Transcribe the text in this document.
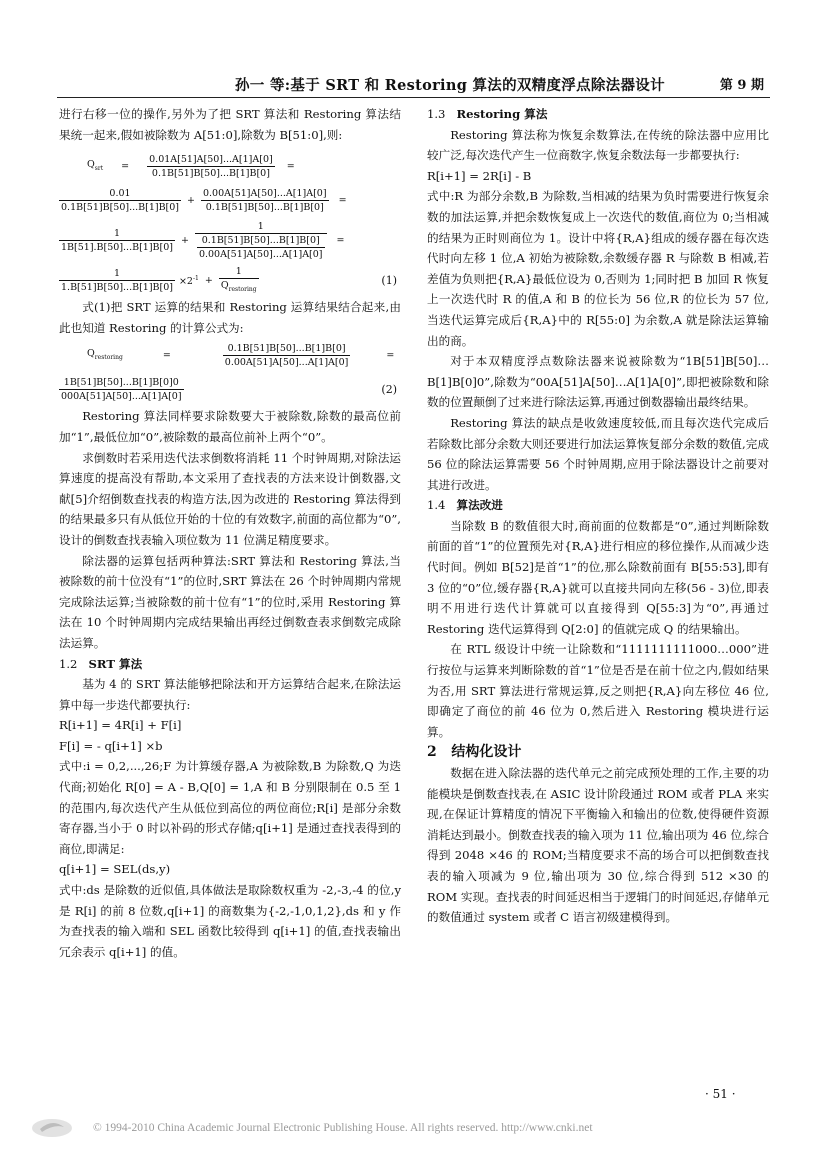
孙一 等:基于 SRT 和 Restoring 算法的双精度浮点除法器设计	第 9 期

进行右移一位的操作,另外为了把 SRT 算法和 Restoring 算法结果统一起来,假如被除数为 A[51:0],除数为 B[51:0],则:

$Q_{srt} = \frac{0.01A[51]A[50]...A[1]A[0]}{0.1B[51]B[50]...B[1]B[0]}$ =
$\frac{0.01}{0.1B[51]B[50]...B[1]B[0]} + \frac{0.00A[51]A[50]...A[1]A[0]}{0.1B[51]B[50]...B[1]B[0]}$ =
$\frac{1}{1B[51].B[50]...B[1]B[0]} + \frac{1}{\frac{0.1B[51]B[50]...B[1]B[0]}{0.00A[51]A[50]...A[1]A[0]}}$ =
$\frac{1}{1.B[51]B[50]...B[1]B[0]} \times 2^{-1} + \frac{1}{Q_{restoring}}$	(1)

式(1)把 SRT 运算的结果和 Restoring 运算结果结合起来,由此也知道 Restoring 的计算公式为:

$Q_{restoring}$	=	$\frac{0.1B[51]B[50]...B[1]B[0]}{0.00A[51]A[50]...A[1]A[0]}$	=
$\frac{1B[51]B[50]...B[1]B[0]0}{000A[51]A[50]...A[1]A[0]}$	(2)

Restoring 算法同样要求除数要大于被除数,除数的最高位前加“1”,最低位加“0”,被除数的最高位前补上两个“0”。

求倒数时若采用迭代法求倒数将消耗 11 个时钟周期,对除法运算速度的提高没有帮助,本文采用了查找表的方法来设计倒数器,文献[5]介绍倒数查找表的构造方法,因为改进的 Restoring 算法得到的结果最多只有从低位开始的十位的有效数字,前面的高位都为“0”,设计的倒数查找表输入项位数为 11 位满足精度要求。

除法器的运算包括两种算法:SRT 算法和 Restoring 算法,当被除数的前十位没有“1”的位时,SRT 算法在 26 个时钟周期内常规完成除法运算;当被除数的前十位有“1”的位时,采用 Restoring 算法在 10 个时钟周期内完成结果输出再经过倒数查表求倒数完成除法运算。

1.2 SRT 算法

基为 4 的 SRT 算法能够把除法和开方运算结合起来,在除法运算中每一步迭代都要执行:

R[i+1] = 4R[i] + F[i]

F[i] = - q[i+1] ×b

式中:i = 0,2,...,26;F 为计算缓存器,A 为被除数,B 为除数,Q 为迭代商;初始化 R[0] = A - B,Q[0] = 1,A 和 B 分别限制在 0.5 至 1 的范围内,每次迭代产生从低位到高位的两位商位;R[i] 是部分余数寄存器,当小于 0 时以补码的形式存储;q[i+1] 是通过查找表得到的商位,即满足:

q[i+1] = SEL(ds,y)

式中:ds 是除数的近似值,具体做法是取除数权重为 -2,-3,-4 的位,y 是 R[i] 的前 8 位数,q[i+1] 的商数集为{-2,-1,0,1,2},ds 和 y 作为查找表的输入端和 SEL 函数比较得到 q[i+1] 的值,查找表输出冗余表示 q[i+1] 的值。

1.3 Restoring 算法

Restoring 算法称为恢复余数算法,在传统的除法器中应用比较广泛,每次迭代产生一位商数字,恢复余数法每一步都要执行:

R[i+1] = 2R[i] - B

式中:R 为部分余数,B 为除数,当相减的结果为负时需要进行恢复余数的加法运算,并把余数恢复成上一次迭代的数值,商位为 0;当相减的结果为正时则商位为 1。设计中将{R,A}组成的缓存器在每次迭代时向左移 1 位,A 初始为被除数,余数缓存器 R 与除数 B 相减,若差值为负则把{R,A}最低位设为 0,否则为 1;同时把 B 加回 R 恢复上一次迭代时 R 的值,A 和 B 的位长为 56 位,R 的位长为 57 位,当迭代运算完成后{R,A}中的 R[55:0] 为余数,A 就是除法运算输出的商。

对于本双精度浮点数除法器来说被除数为“1B[51]B[50]…B[1]B[0]0”,除数为“00A[51]A[50]…A[1]A[0]”,即把被除数和除数的位置颠倒了过来进行除法运算,再通过倒数器输出最终结果。

Restoring 算法的缺点是收敛速度较低,而且每次迭代完成后若除数比部分余数大则还要进行加法运算恢复部分余数的数值,完成 56 位的除法运算需要 56 个时钟周期,应用于除法器设计之前要对其进行改进。

1.4 算法改进

当除数 B 的数值很大时,商前面的位数都是“0”,通过判断除数前面的首“1”的位置预先对{R,A}进行相应的移位操作,从而减少迭代时间。例如 B[52]是首“1”的位,那么除数前面有 B[55:53],即有 3 位的“0”位,缓存器{R,A}就可以直接共同向左移(56 - 3)位,即表明不用进行迭代计算就可以直接得到 Q[55:3]为“0”,再通过 Restoring 迭代运算得到 Q[2:0] 的值就完成 Q 的结果输出。

在 RTL 级设计中统一让除数和“1111111111000…000”进行按位与运算来判断除数的首“1”位是否是在前十位之内,假如结果为否,用 SRT 算法进行常规运算,反之则把{R,A}向左移位 46 位,即确定了商位的前 46 位为 0,然后进入 Restoring 模块进行运算。

2 结构化设计

数据在进入除法器的迭代单元之前完成预处理的工作,主要的功能模块是倒数查找表,在 ASIC 设计阶段通过 ROM 或者 PLA 来实现,在保证计算精度的情况下平衡输入和输出的位数,使得硬件资源消耗达到最小。倒数查找表的输入项为 11 位,输出项为 46 位,综合得到 2048 ×46 的 ROM;当精度要求不高的场合可以把倒数查找表的输入项减为 9 位,输出项为 30 位,综合得到 512 ×30 的 ROM 实现。查找表的时间延迟相当于逻辑门的时间延迟,存储单元的数值通过 system 或者 C 语言初级建模得到。

· 51 ·
© 1994-2010 China Academic Journal Electronic Publishing House. All rights reserved. http://www.cnki.net
